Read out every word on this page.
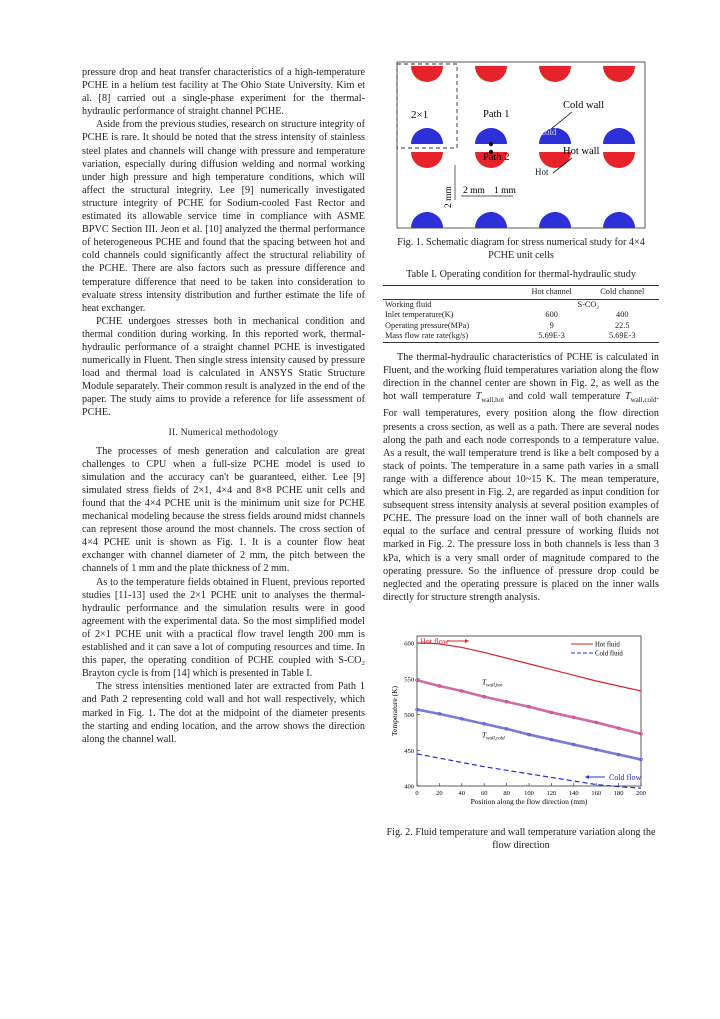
pressure drop and heat transfer characteristics of a high-temperature PCHE in a helium test facility at The Ohio State University. Kim et al. [8] carried out a single-phase experiment for the thermal-hydraulic performance of straight channel PCHE.

Aside from the previous studies, research on structure integrity of PCHE is rare. It should be noted that the stress intensity of stainless steel plates and channels will change with pressure and temperature variation, especially during diffusion welding and normal working under high pressure and high temperature conditions, which will affect the structural integrity. Lee [9] numerically investigated structure integrity of PCHE for Sodium-cooled Fast Rector and estimated its allowable service time in compliance with ASME BPVC Section III. Jeon et al. [10] analyzed the thermal performance of heterogeneous PCHE and found that the spacing between hot and cold channels could significantly affect the structural reliability of the PCHE. There are also factors such as pressure difference and temperature difference that need to be taken into consideration to evaluate stress intensity distribution and further estimate the life of heat exchanger.

PCHE undergoes stresses both in mechanical condition and thermal condition during working. In this reported work, thermal-hydraulic performance of a straight channel PCHE is investigated numerically in Fluent. Then single stress intensity caused by pressure load and thermal load is calculated in ANSYS Static Structure Module separately. Their common result is analyzed in the end of the paper. The study aims to provide a reference for life assessment of PCHE.

II. Numerical methodology

The processes of mesh generation and calculation are great challenges to CPU when a full-size PCHE model is used to simulation and the accuracy can't be guaranteed, either. Lee [9] simulated stress fields of 2×1, 4×4 and 8×8 PCHE unit cells and found that the 4×4 PCHE unit is the minimum unit size for PCHE mechanical modeling because the stress fields around midst channels can represent those around the most channels. The cross section of 4×4 PCHE unit is shown as Fig. 1. It is a counter flow heat exchanger with channel diameter of 2 mm, the pitch between the channels of 1 mm and the plate thickness of 2 mm.

As to the temperature fields obtained in Fluent, previous reported studies [11-13] used the 2×1 PCHE unit to analyses the thermal-hydraulic performance and the simulation results were in good agreement with the experimental data. So the most simplified model of 2×1 PCHE unit with a practical flow travel length 200 mm is established and it can save a lot of computing resources and time. In this paper, the operating condition of PCHE coupled with S-CO₂ Brayton cycle is from [14] which is presented in Table I.

The stress intensities mentioned later are extracted from Path 1 and Path 2 representing cold wall and hot wall respectively, which marked in Fig. 1. The dot at the midpoint of the diameter presents the starting and ending location, and the arrow shows the direction along the channel wall.

2×1	Path 1
Cold wall
Cold
Path 2
Hot wall
Hot
2 mm 2 mm 1 mm
Fig. 1. Schematic diagram for stress numerical study for 4×4 PCHE unit cells
Table I. Operating condition for thermal-hydraulic study
	Hot channel	Cold channel
Working fluid	S-CO₂	
Inlet temperature(K)	600	400
Operating pressure(MPa)	9	22.5
Mass flow rate rate(kg/s)	5.69E-3	5.69E-3

The thermal-hydraulic characteristics of PCHE is calculated in Fluent, and the working fluid temperatures variation along the flow direction in the channel center are shown in Fig. 2, as well as the hot wall temperature $T_{wall,hot}$ and cold wall temperature $T_{wall,cold}$. For wall temperatures, every position along the flow direction presents a cross section, as well as a path. There are several nodes along the path and each node corresponds to a temperature value. As a result, the wall temperature trend is like a belt composed by a stack of points. The temperature in a same path varies in a small range with a difference about 10~15 K. The mean temperature, which are also present in Fig. 2, are regarded as input condition for subsequent stress intensity analysis at several position examples of PCHE. The pressure load on the inner wall of both channels are equal to the surface and central pressure of working fluids not marked in Fig. 2. The pressure loss in both channels is less than 3 kPa, which is a very small order of magnitude compared to the operating pressure. So the influence of pressure drop could be neglected and the operating pressure is placed on the inner walls directly for structure strength analysis.

0	20 40 60 80 100 120 140 160 180 200
400
450
500
550
600	Hot fluid
Cold fluid
Hot flow
Cold flow
$T_{wall,hot}$
$T_{wall,cold}$
Position along the flow direction (mm)
Temperature (K)
Fig. 2. Fluid temperature and wall temperature variation along the flow direction
